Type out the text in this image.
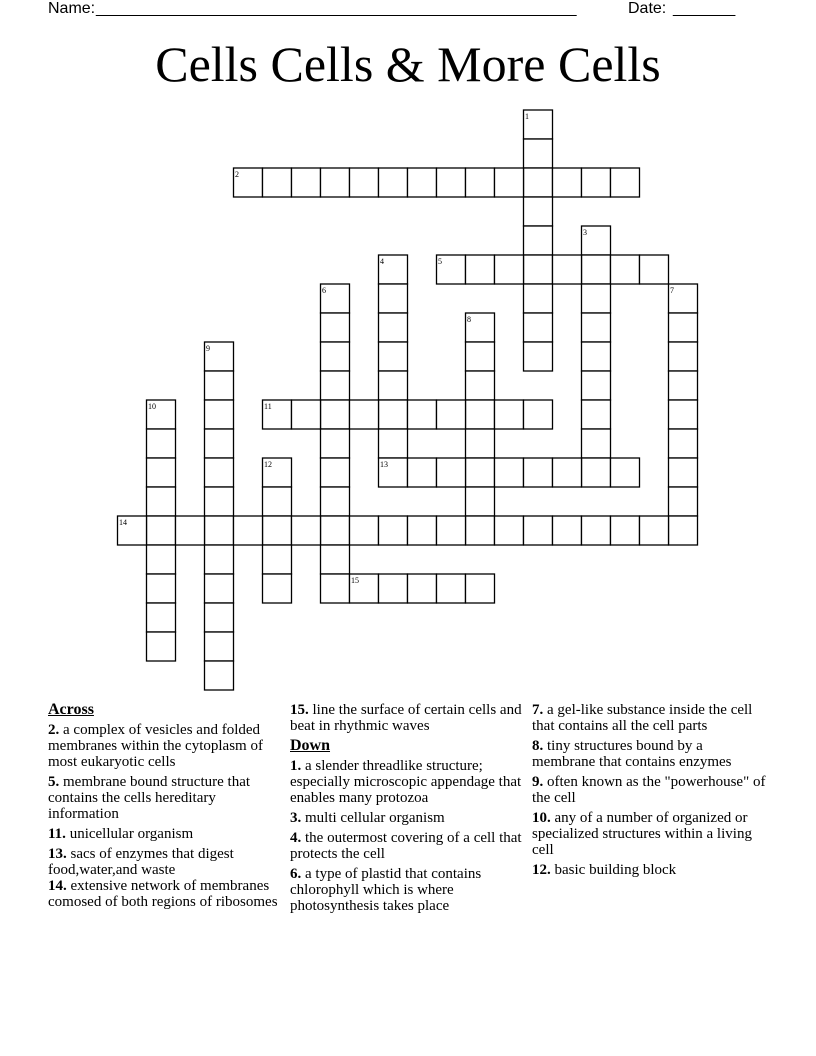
Name:

______________________________________________________

	Date:

_______

Cells Cells & More Cells
1
2
3
4	5
6	7
8
9
10	11
12	13
14
15
Across
2. a complex of vesicles and folded membranes within the cytoplasm of most eukaryotic cells
5. membrane bound structure that contains the cells hereditary information
11. unicellular organism
13. sacs of enzymes that digest food,water,and waste
14. extensive network of membranes comosed of both regions of ribosomes
15. line the surface of certain cells and beat in rhythmic waves
Down
1. a slender threadlike structure; especially microscopic appendage that enables many protozoa
3. multi cellular organism
4. the outermost covering of a cell that protects the cell
6. a type of plastid that contains chlorophyll which is where photosynthesis takes place
7. a gel-like substance inside the cell that contains all the cell parts
8. tiny structures bound by a membrane that contains enzymes
9. often known as the "powerhouse" of the cell
10. any of a number of organized or specialized structures within a living cell
12. basic building block
